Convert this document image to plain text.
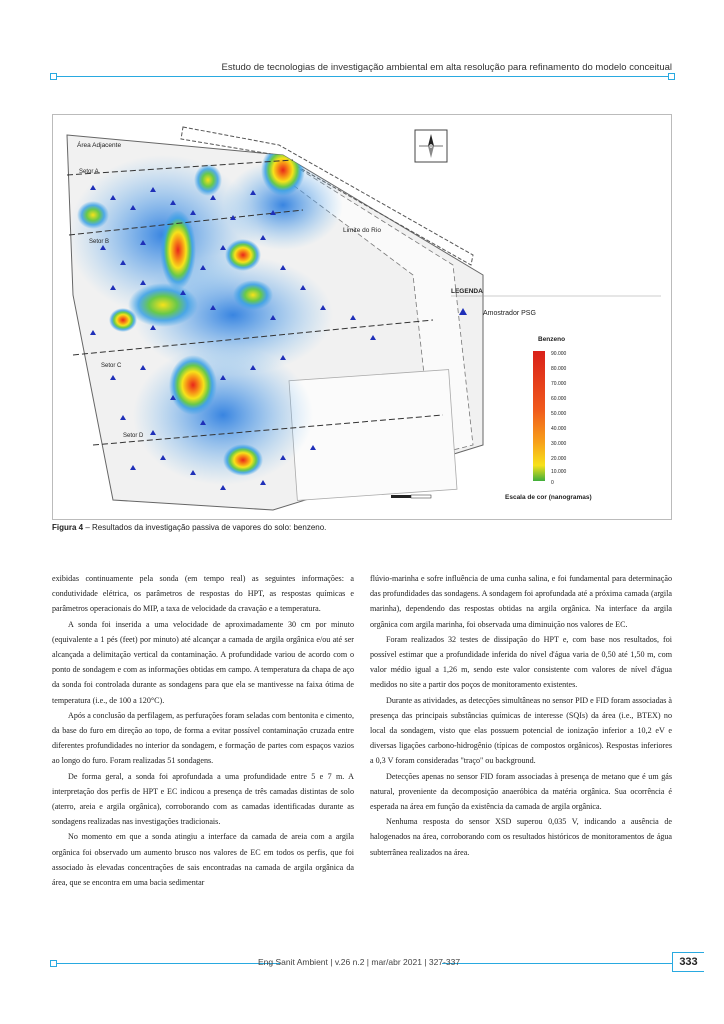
Estudo de tecnologias de investigação ambiental em alta resolução para refinamento do modelo conceitual
Área Adjacente
Limite do Rio
Setor A
Setor B
Setor C
Setor D
LEGENDA
Amostrador PSG
Benzeno
90.000
80.000
70.000
60.000
50.000
40.000
30.000
20.000
10.000
0
Escala de cor (nanogramas)
Figura 4 – Resultados da investigação passiva de vapores do solo: benzeno.

exibidas continuamente pela sonda (em tempo real) as seguintes informações: a condutividade elétrica, os parâmetros de respostas do HPT, as respostas químicas e parâmetros operacionais do MIP, a taxa de velocidade da cravação e a temperatura.

A sonda foi inserida a uma velocidade de aproximadamente 30 cm por minuto (equivalente a 1 pés (feet) por minuto) até alcançar a camada de argila orgânica e/ou até ser alcançada a delimitação vertical da contaminação. A profundidade variou de acordo com o ponto de sondagem e com as informações obtidas em campo. A temperatura da chapa de aço da sonda foi controlada durante as sondagens para que ela se mantivesse na faixa ótima de temperatura (i.e., de 100 a 120°C).

Após a conclusão da perfilagem, as perfurações foram seladas com bentonita e cimento, da base do furo em direção ao topo, de forma a evitar possível contaminação cruzada entre diferentes profundidades no interior da sondagem, e formação de partes com espaços vazios ao longo do furo. Foram realizadas 51 sondagens.

De forma geral, a sonda foi aprofundada a uma profundidade entre 5 e 7 m. A interpretação dos perfis de HPT e EC indicou a presença de três camadas distintas de solo (aterro, areia e argila orgânica), corroborando com as camadas identificadas durante as sondagens realizadas nas investigações tradicionais.

No momento em que a sonda atingiu a interface da camada de areia com a argila orgânica foi observado um aumento brusco nos valores de EC em todos os perfis, que foi associado às elevadas concentrações de sais encontradas na camada de argila orgânica da área, que se encontra em uma bacia sedimentar

flúvio-marinha e sofre influência de uma cunha salina, e foi fundamental para determinação das profundidades das sondagens. A sondagem foi aprofundada até a próxima camada (argila marinha), dependendo das respostas obtidas na argila orgânica. Na interface da argila orgânica com argila marinha, foi observada uma diminuição nos valores de EC.

Foram realizados 32 testes de dissipação do HPT e, com base nos resultados, foi possível estimar que a profundidade inferida do nível d'água varia de 0,50 até 1,50 m, com valor médio igual a 1,26 m, sendo este valor consistente com valores de nível d'água medidos no site a partir dos poços de monitoramento existentes.

Durante as atividades, as detecções simultâneas no sensor PID e FID foram associadas à presença das principais substâncias químicas de interesse (SQIs) da área (i.e., BTEX) no local da sondagem, visto que elas possuem potencial de ionização inferior a 10,2 eV e diversas ligações carbono-hidrogênio (típicas de compostos orgânicos). Respostas inferiores a 0,3 V foram consideradas "traço" ou background.

Detecções apenas no sensor FID foram associadas à presença de metano que é um gás natural, proveniente da decomposição anaeróbica da matéria orgânica. Sua ocorrência é esperada na área em função da existência da camada de argila orgânica.

Nenhuma resposta do sensor XSD superou 0,035 V, indicando a ausência de halogenados na área, corroborando com os resultados históricos de monitoramentos de água subterrânea realizados na área.

Eng Sanit Ambient | v.26 n.2 | mar/abr 2021 | 327-337	333
